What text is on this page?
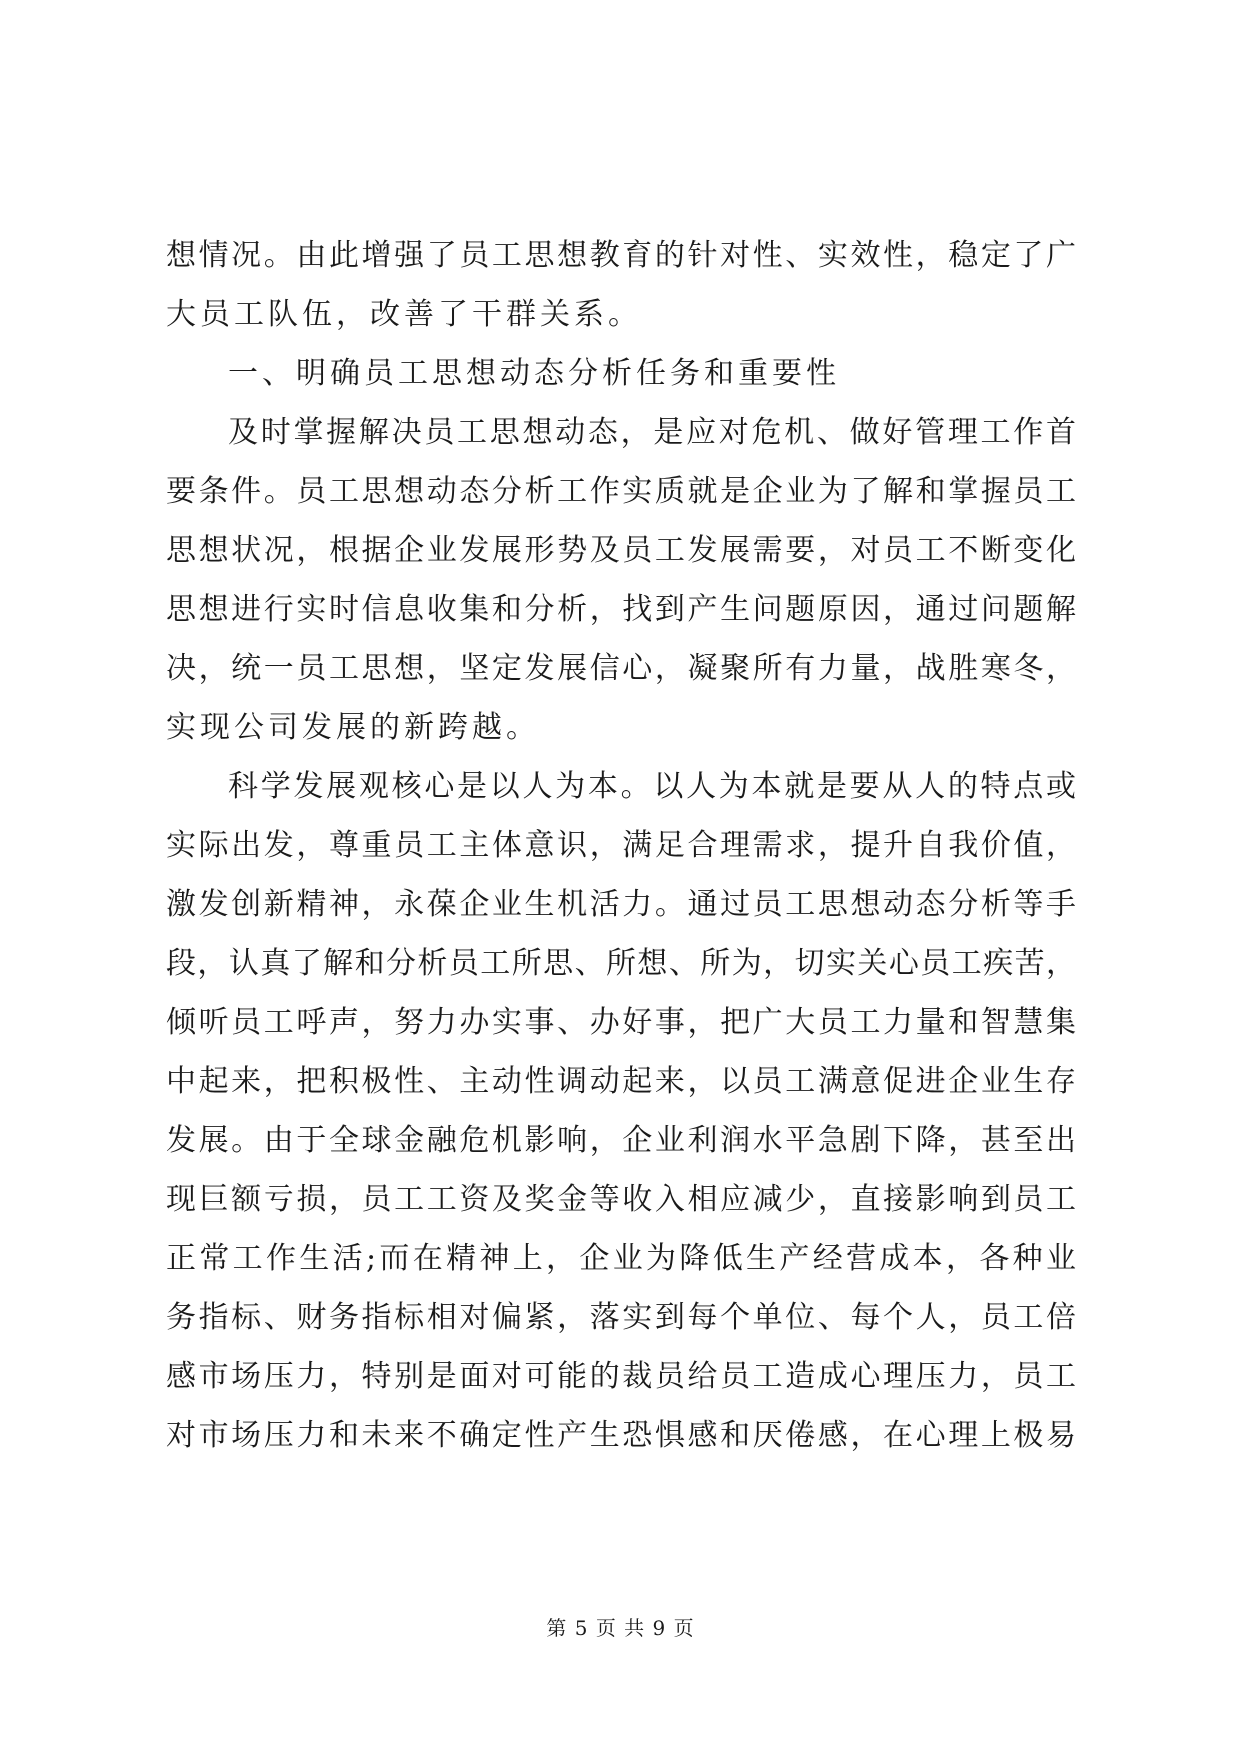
想情况。由此增强了员工思想教育的针对性、实效性，稳定了广
大员工队伍，改善了干群关系。
一、明确员工思想动态分析任务和重要性
及时掌握解决员工思想动态，是应对危机、做好管理工作首
要条件。员工思想动态分析工作实质就是企业为了解和掌握员工
思想状况，根据企业发展形势及员工发展需要，对员工不断变化
思想进行实时信息收集和分析，找到产生问题原因，通过问题解
决，统一员工思想，坚定发展信心，凝聚所有力量，战胜寒冬，
实现公司发展的新跨越。
科学发展观核心是以人为本。以人为本就是要从人的特点或
实际出发，尊重员工主体意识，满足合理需求，提升自我价值，
激发创新精神，永葆企业生机活力。通过员工思想动态分析等手
段，认真了解和分析员工所思、所想、所为，切实关心员工疾苦，
倾听员工呼声，努力办实事、办好事，把广大员工力量和智慧集
中起来，把积极性、主动性调动起来，以员工满意促进企业生存
发展。由于全球金融危机影响，企业利润水平急剧下降，甚至出
现巨额亏损，员工工资及奖金等收入相应减少，直接影响到员工
正常工作生活;而在精神上，企业为降低生产经营成本，各种业
务指标、财务指标相对偏紧，落实到每个单位、每个人，员工倍
感市场压力，特别是面对可能的裁员给员工造成心理压力，员工
对市场压力和未来不确定性产生恐惧感和厌倦感，在心理上极易
第 5 页 共 9 页
